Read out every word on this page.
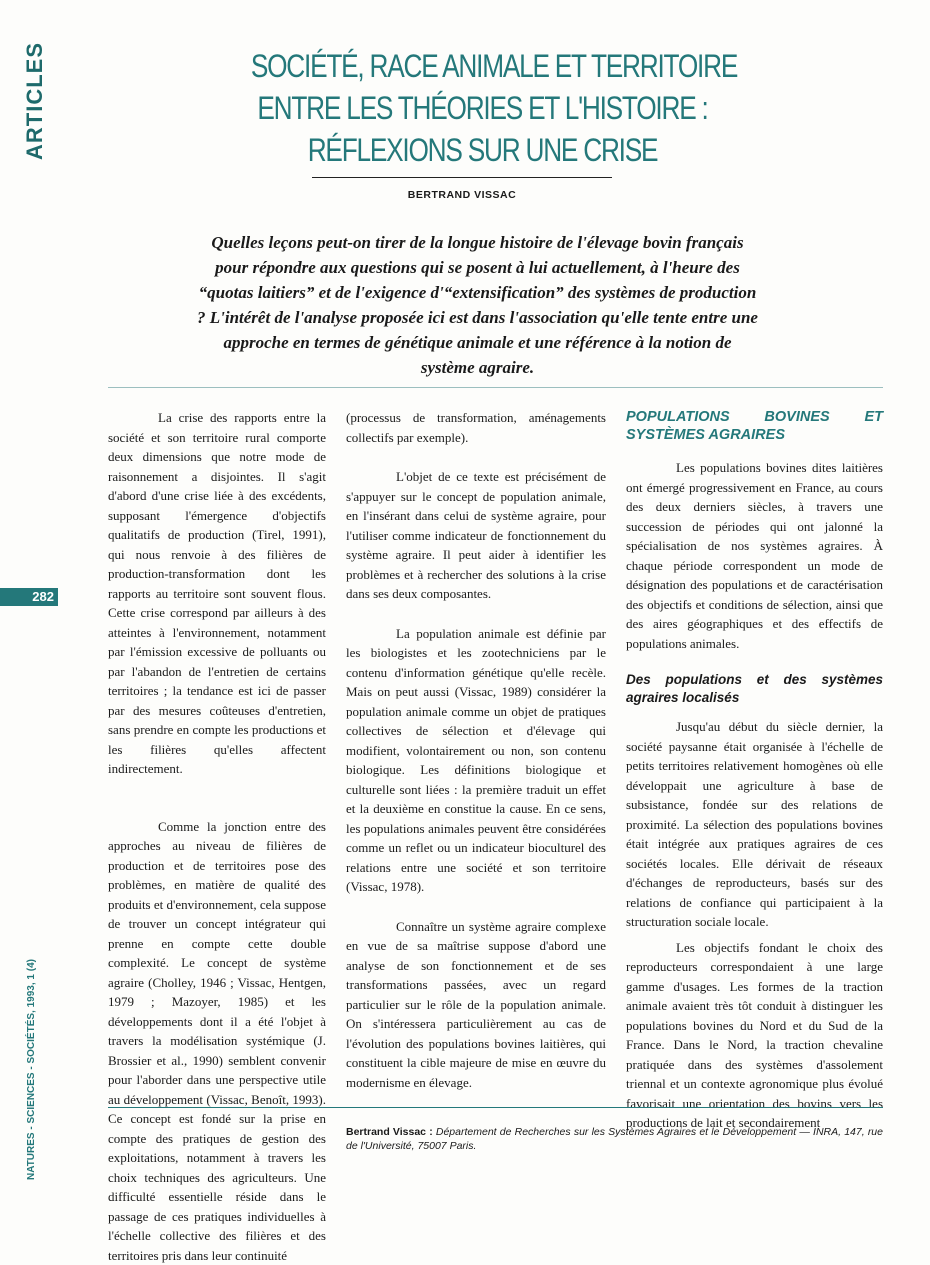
ARTICLES
282
NATURES - SCIENCES - SOCIÉTÉS, 1993, 1 (4)
SOCIÉTÉ, RACE ANIMALE ET TERRITOIRE
ENTRE LES THÉORIES ET L'HISTOIRE :
RÉFLEXIONS SUR UNE CRISE
BERTRAND VISSAC
Quelles leçons peut-on tirer de la longue histoire de l'élevage bovin français pour répondre aux questions qui se posent à lui actuellement, à l'heure des “quotas laitiers” et de l'exigence d'“extensification” des systèmes de production ? L'intérêt de l'analyse proposée ici est dans l'association qu'elle tente entre une approche en termes de génétique animale et une référence à la notion de système agraire.

La crise des rapports entre la société et son territoire rural comporte deux dimensions que notre mode de raisonnement a disjointes. Il s'agit d'abord d'une crise liée à des excédents, supposant l'émergence d'objectifs qualitatifs de production (Tirel, 1991), qui nous renvoie à des filières de production-transformation dont les rapports au territoire sont souvent flous. Cette crise correspond par ailleurs à des atteintes à l'environnement, notamment par l'émission excessive de polluants ou par l'abandon de l'entretien de certains territoires ; la tendance est ici de passer par des mesures coûteuses d'entretien, sans prendre en compte les productions et les filières qu'elles affectent indirectement.

Comme la jonction entre des approches au niveau de filières de production et de territoires pose des problèmes, en matière de qualité des produits et d'environnement, cela suppose de trouver un concept intégrateur qui prenne en compte cette double complexité. Le concept de système agraire (Cholley, 1946 ; Vissac, Hentgen, 1979 ; Mazoyer, 1985) et les développements dont il a été l'objet à travers la modélisation systémique (J. Brossier et al., 1990) semblent convenir pour l'aborder dans une perspective utile au développement (Vissac, Benoît, 1993). Ce concept est fondé sur la prise en compte des pratiques de gestion des exploitations, notamment à travers les choix techniques des agriculteurs. Une difficulté essentielle réside dans le passage de ces pratiques individuelles à l'échelle collective des filières et des territoires pris dans leur continuité

(processus de transformation, aménagements collectifs par exemple).

L'objet de ce texte est précisément de s'appuyer sur le concept de population animale, en l'insérant dans celui de système agraire, pour l'utiliser comme indicateur de fonctionnement du système agraire. Il peut aider à identifier les problèmes et à rechercher des solutions à la crise dans ses deux composantes.

La population animale est définie par les biologistes et les zootechniciens par le contenu d'information génétique qu'elle recèle. Mais on peut aussi (Vissac, 1989) considérer la population animale comme un objet de pratiques collectives de sélection et d'élevage qui modifient, volontairement ou non, son contenu biologique. Les définitions biologique et culturelle sont liées : la première traduit un effet et la deuxième en constitue la cause. En ce sens, les populations animales peuvent être considérées comme un reflet ou un indicateur bioculturel des relations entre une société et son territoire (Vissac, 1978).

Connaître un système agraire complexe en vue de sa maîtrise suppose d'abord une analyse de son fonctionnement et de ses transformations passées, avec un regard particulier sur le rôle de la population animale. On s'intéressera particulièrement au cas de l'évolution des populations bovines laitières, qui constituent la cible majeure de mise en œuvre du modernisme en élevage.

POPULATIONS BOVINES ET SYSTÈMES AGRAIRES

Les populations bovines dites laitières ont émergé progressivement en France, au cours des deux derniers siècles, à travers une succession de périodes qui ont jalonné la spécialisation de nos systèmes agraires. À chaque période correspondent un mode de désignation des populations et de caractérisation des objectifs et conditions de sélection, ainsi que des aires géographiques et des effectifs de populations animales.

Des populations et des systèmes agraires localisés

Jusqu'au début du siècle dernier, la société paysanne était organisée à l'échelle de petits territoires relativement homogènes où elle développait une agriculture à base de subsistance, fondée sur des relations de proximité. La sélection des populations bovines était intégrée aux pratiques agraires de ces sociétés locales. Elle dérivait de réseaux d'échanges de reproducteurs, basés sur des relations de confiance qui participaient à la structuration sociale locale.

Les objectifs fondant le choix des reproducteurs correspondaient à une large gamme d'usages. Les formes de la traction animale avaient très tôt conduit à distinguer les populations bovines du Nord et du Sud de la France. Dans le Nord, la traction chevaline pratiquée dans des systèmes d'assolement triennal et un contexte agronomique plus évolué favorisait une orientation des bovins vers les productions de lait et secondairement

Bertrand Vissac : Département de Recherches sur les Systèmes Agraires et le Développement — INRA, 147, rue de l'Université, 75007 Paris.
